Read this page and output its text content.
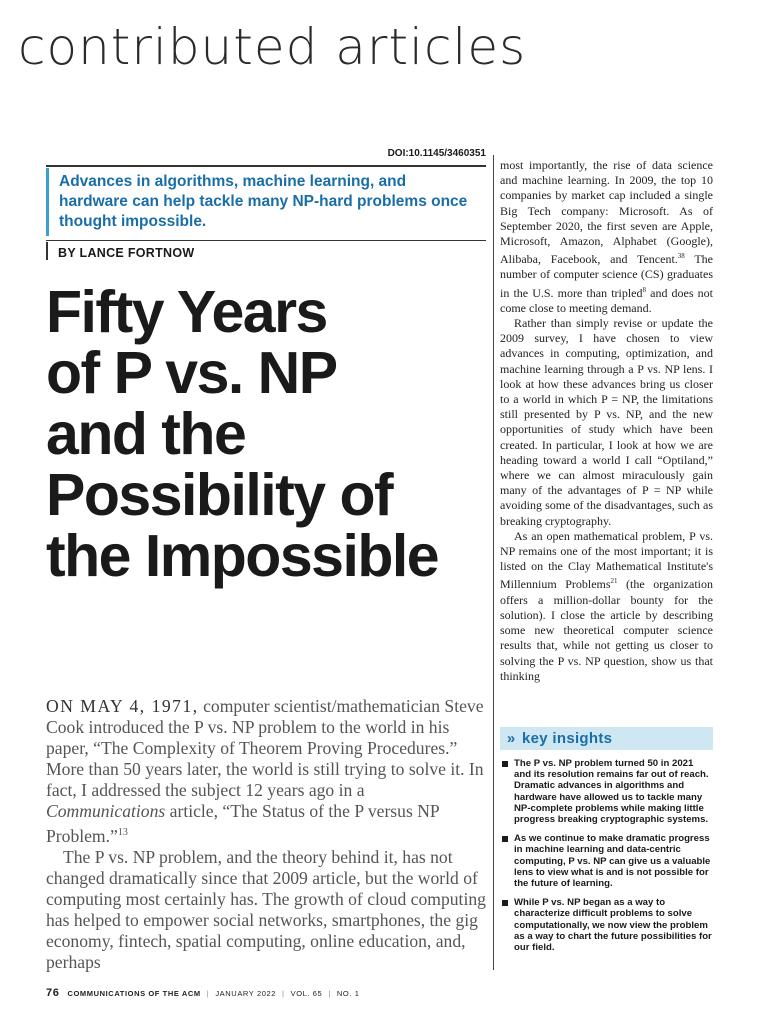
contributed articles
DOI:10.1145/3460351
Advances in algorithms, machine learning, and hardware can help tackle many NP-hard problems once thought impossible.
BY LANCE FORTNOW
Fifty Years
of P vs. NP
and the
Possibility of
the Impossible

ON MAY 4, 1971, computer scientist/mathematician Steve Cook introduced the P vs. NP problem to the world in his paper, “The Complexity of Theorem Proving Procedures.” More than 50 years later, the world is still trying to solve it. In fact, I addressed the subject 12 years ago in a Communications article, “The Status of the P versus NP Problem.”$^{13}$

The P vs. NP problem, and the theory behind it, has not changed dramatically since that 2009 article, but the world of computing most certainly has. The growth of cloud computing has helped to empower social networks, smartphones, the gig economy, fintech, spatial computing, online education, and, perhaps

most importantly, the rise of data science and machine learning. In 2009, the top 10 companies by market cap included a single Big Tech company: Microsoft. As of September 2020, the first seven are Apple, Microsoft, Amazon, Alphabet (Google), Alibaba, Facebook, and Tencent.$^{38}$ The number of computer science (CS) graduates in the U.S. more than tripled$^8$ and does not come close to meeting demand.

Rather than simply revise or update the 2009 survey, I have chosen to view advances in computing, optimization, and machine learning through a P vs. NP lens. I look at how these advances bring us closer to a world in which P = NP, the limitations still presented by P vs. NP, and the new opportunities of study which have been created. In particular, I look at how we are heading toward a world I call “Optiland,” where we can almost miraculously gain many of the advantages of P = NP while avoiding some of the disadvantages, such as breaking cryptography.

As an open mathematical problem, P vs. NP remains one of the most important; it is listed on the Clay Mathematical Institute's Millennium Problems$^{21}$ (the organization offers a million-dollar bounty for the solution). I close the article by describing some new theoretical computer science results that, while not getting us closer to solving the P vs. NP question, show us that thinking

» key insights
The P vs. NP problem turned 50 in 2021 and its resolution remains far out of reach. Dramatic advances in algorithms and hardware have allowed us to tackle many NP-complete problems while making little progress breaking cryptographic systems.
As we continue to make dramatic progress in machine learning and data-centric computing, P vs. NP can give us a valuable lens to view what is and is not possible for the future of learning.
While P vs. NP began as a way to characterize difficult problems to solve computationally, we now view the problem as a way to chart the future possibilities for our field.
76 COMMUNICATIONS OF THE ACM | JANUARY 2022 | VOL. 65 | NO. 1
